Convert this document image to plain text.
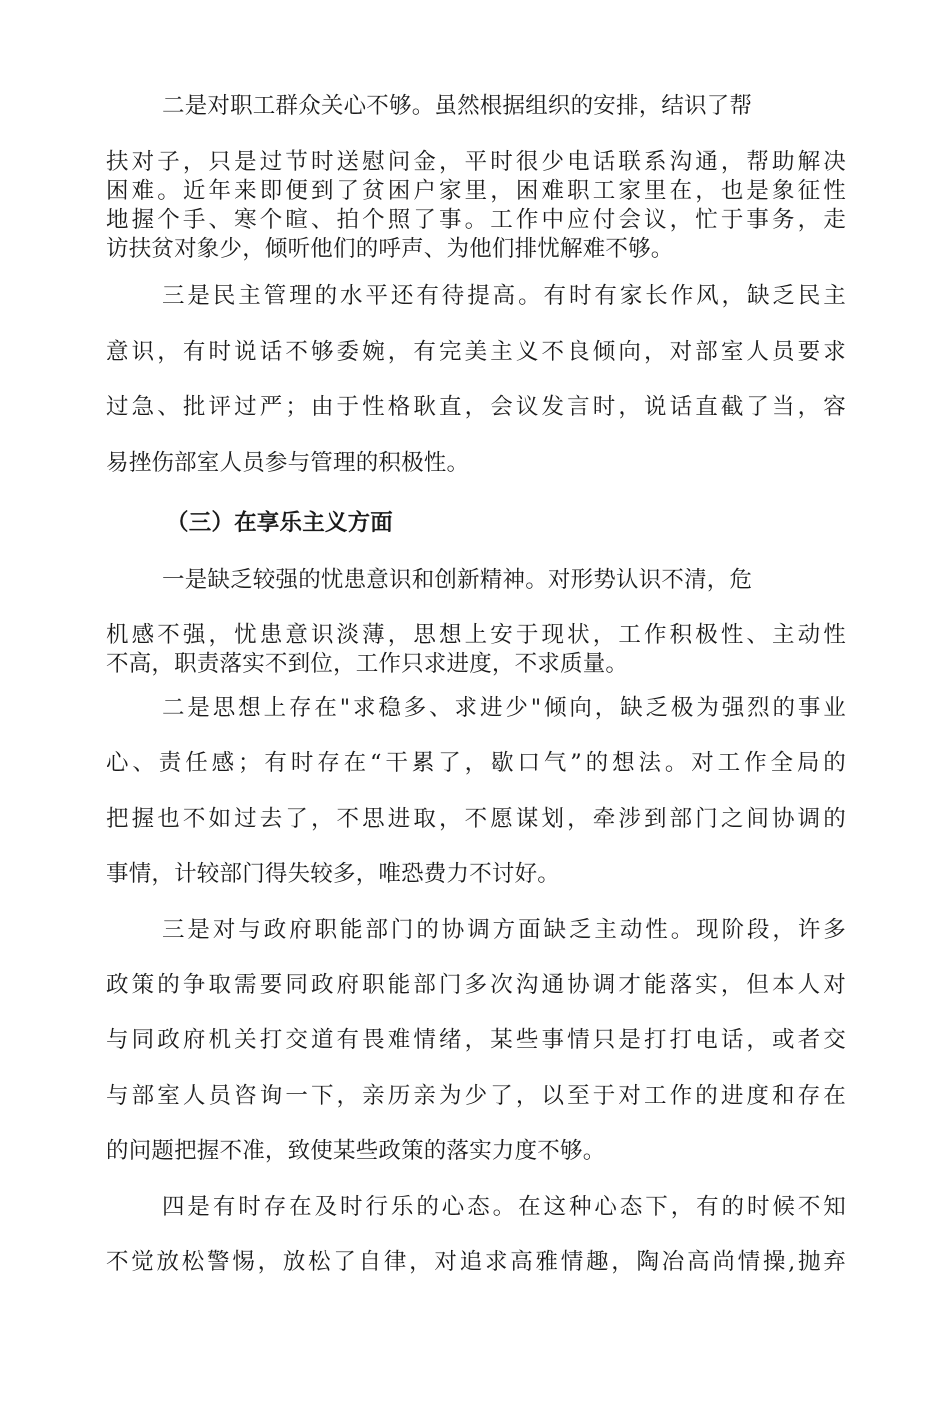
二是对职工群众关心不够。虽然根据组织的安排，结识了帮
扶对子，只是过节时送慰问金，平时很少电话联系沟通，帮助解决
困难。近年来即便到了贫困户家里，困难职工家里在，也是象征性
地握个手、寒个暄、拍个照了事。工作中应付会议，忙于事务，走
访扶贫对象少，倾听他们的呼声、为他们排忧解难不够。
三是民主管理的水平还有待提高。有时有家长作风，缺乏民主
意识，有时说话不够委婉，有完美主义不良倾向，对部室人员要求
过急、批评过严；由于性格耿直，会议发言时，说话直截了当，容
易挫伤部室人员参与管理的积极性。
（三）在享乐主义方面
一是缺乏较强的忧患意识和创新精神。对形势认识不清，危
机感不强，忧患意识淡薄，思想上安于现状，工作积极性、主动性
不高，职责落实不到位，工作只求进度，不求质量。
二是思想上存在"求稳多、求进少"倾向，缺乏极为强烈的事业
心、责任感；有时存在“干累了，歇口气”的想法。对工作全局的
把握也不如过去了，不思进取，不愿谋划，牵涉到部门之间协调的
事情，计较部门得失较多，唯恐费力不讨好。
三是对与政府职能部门的协调方面缺乏主动性。现阶段，许多
政策的争取需要同政府职能部门多次沟通协调才能落实，但本人对
与同政府机关打交道有畏难情绪，某些事情只是打打电话，或者交
与部室人员咨询一下，亲历亲为少了，以至于对工作的进度和存在
的问题把握不准，致使某些政策的落实力度不够。
四是有时存在及时行乐的心态。在这种心态下，有的时候不知
不觉放松警惕，放松了自律，对追求高雅情趣，陶冶高尚情操,抛弃
